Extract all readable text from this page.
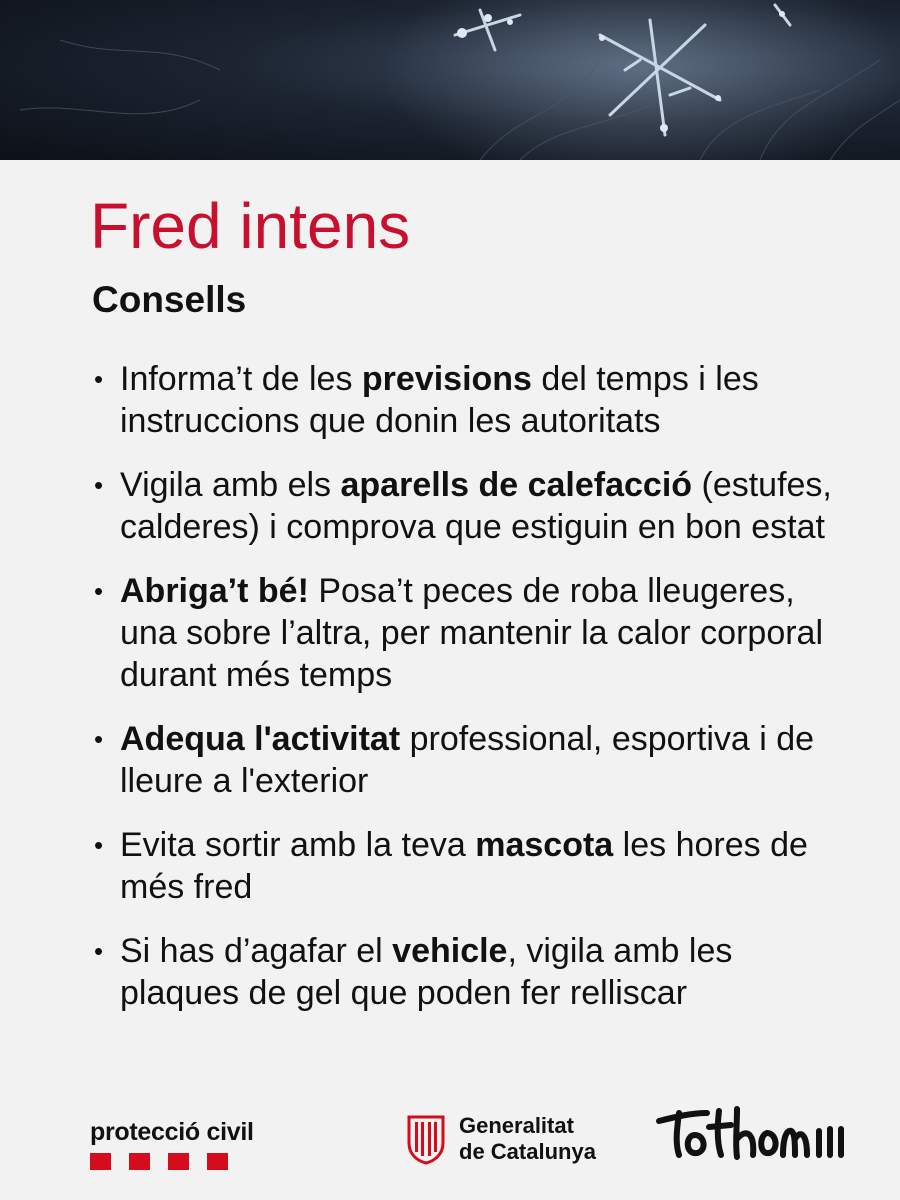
Fred intens
Consells
• Informa’t de les previsions del temps i les instruccions que donin les autoritats
• Vigila amb els aparells de calefacció (estufes, calderes) i comprova que estiguin en bon estat
• Abriga’t bé! Posa’t peces de roba lleugeres, una sobre l’altra, per mantenir la calor corporal durant més temps
• Adequa l'activitat professional, esportiva i de lleure a l'exterior
• Evita sortir amb la teva mascota les hores de més fred
• Si has d’agafar el vehicle, vigila amb les plaques de gel que poden fer relliscar
protecció civil	Generalitat
de Catalunya
